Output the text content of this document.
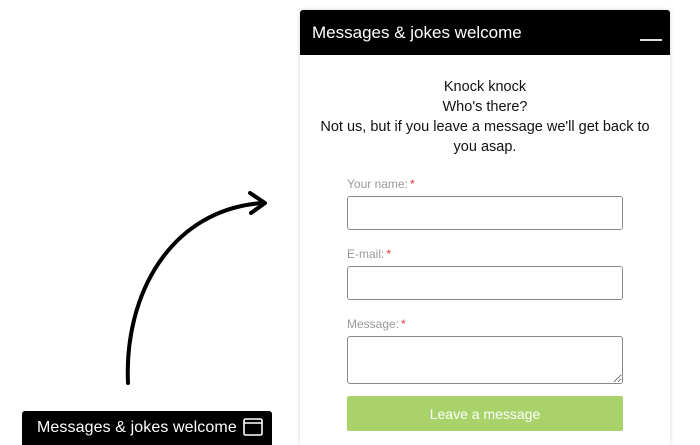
Messages & jokes welcome
Messages & jokes welcome
Knock knock
Who's there?
Not us, but if you leave a message we'll get back to you asap.
Your name: *
E-mail: *
Message: *
Leave a message
